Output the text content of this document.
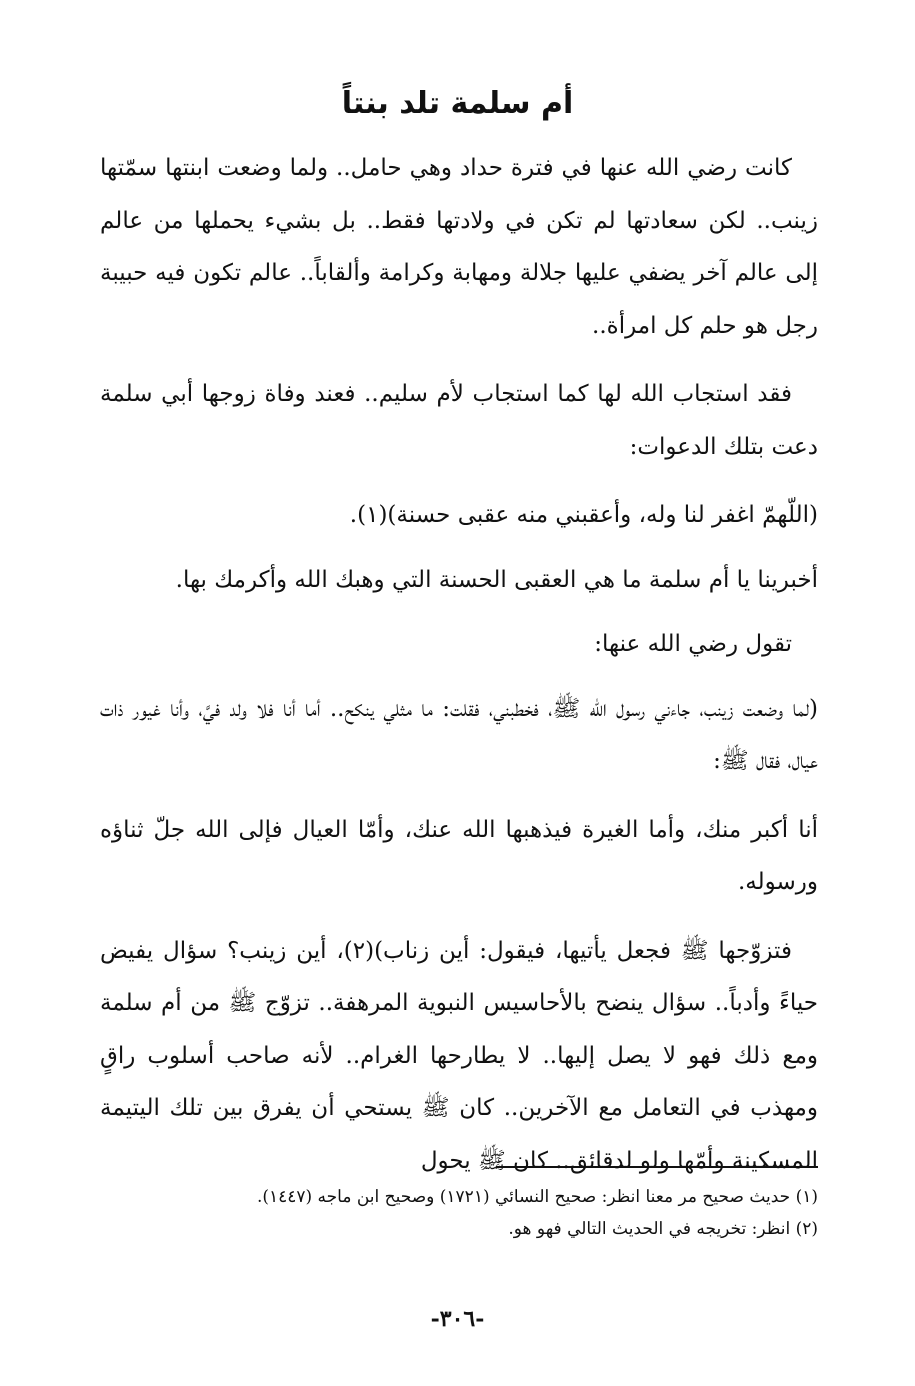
أم سلمة تلد بنتاً

كانت رضي الله عنها في فترة حداد وهي حامل.. ولما وضعت ابنتها سمّتها زينب.. لكن سعادتها لم تكن في ولادتها فقط.. بل بشيء يحملها من عالم إلى عالم آخر يضفي عليها جلالة ومهابة وكرامة وألقاباً.. عالم تكون فيه حبيبة رجل هو حلم كل امرأة..

فقد استجاب الله لها كما استجاب لأم سليم.. فعند وفاة زوجها أبي سلمة دعت بتلك الدعوات:

(اللّهمّ اغفر لنا وله، وأعقبني منه عقبى حسنة)(١).

أخبرينا يا أم سلمة ما هي العقبى الحسنة التي وهبك الله وأكرمك بها.

تقول رضي الله عنها:

(لما وضعت زينب، جاءني رسول الله ﷺ، فخطبني، فقلت: ما مثلي ينكح.. أما أنا فلا ولد فيَّ، وأنا غيور ذات عيال، فقال ﷺ:

أنا أكبر منك، وأما الغيرة فيذهبها الله عنك، وأمّا العيال فإلى الله جلّ ثناؤه ورسوله.

فتزوّجها ﷺ فجعل يأتيها، فيقول: أين زناب)(٢)، أين زينب؟ سؤال يفيض حياءً وأدباً.. سؤال ينضح بالأحاسيس النبوية المرهفة.. تزوّج ﷺ من أم سلمة ومع ذلك فهو لا يصل إليها.. لا يطارحها الغرام.. لأنه صاحب أسلوب راقٍ ومهذب في التعامل مع الآخرين.. كان ﷺ يستحي أن يفرق بين تلك اليتيمة المسكينة وأمّها ولو لدقائق.. كان ﷺ يحول

(١) حديث صحيح مر معنا انظر: صحيح النسائي (١٧٢١) وصحيح ابن ماجه (١٤٤٧).
(٢) انظر: تخريجه في الحديث التالي فهو هو.
-٣٠٦-
